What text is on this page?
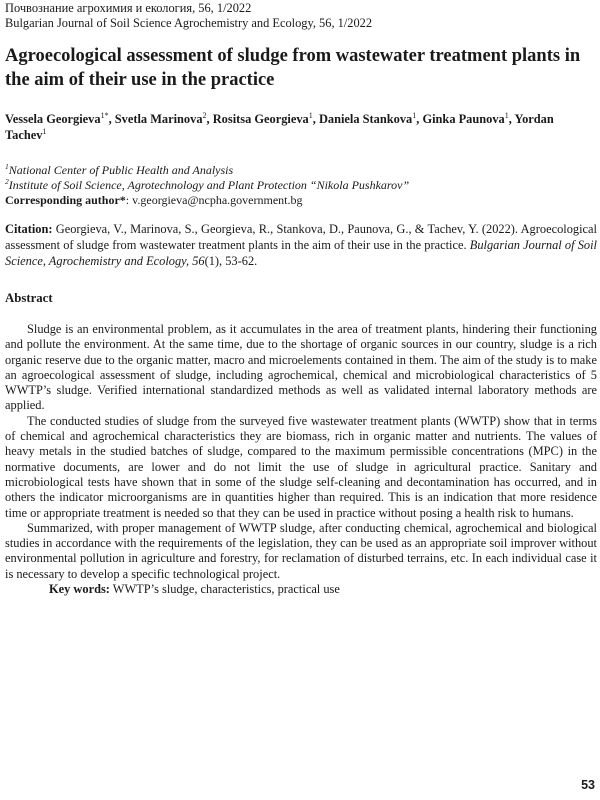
Почвознание агрохимия и екология, 56, 1/2022
Bulgarian Journal of Soil Science Agrochemistry and Ecology, 56, 1/2022
Agroecological assessment of sludge from wastewater treatment plants in the aim of their use in the practice
Vessela Georgieva$^{1*}$, Svetla Marinova$^2$, Rositsa Georgieva$^1$, Daniela Stankova$^1$, Ginka Paunova$^1$, Yordan Tachev$^1$
$^1$National Center of Public Health and Analysis
$^2$Institute of Soil Science, Agrotechnology and Plant Protection “Nikola Pushkarov”
Corresponding author*: v.georgieva@ncpha.government.bg
Citation: Georgieva, V., Marinova, S., Georgieva, R., Stankova, D., Paunova, G., & Tachev, Y. (2022). Agroecological assessment of sludge from wastewater treatment plants in the aim of their use in the practice. Bulgarian Journal of Soil Science, Agrochemistry and Ecology, 56(1), 53-62.
Abstract

Sludge is an environmental problem, as it accumulates in the area of treatment plants, hindering their functioning and pollute the environment. At the same time, due to the shortage of organic sources in our country, sludge is a rich organic reserve due to the organic matter, macro and microelements contained in them. The aim of the study is to make an agroecological assessment of sludge, including agrochemical, chemical and microbiological characteristics of 5 WWTP’s sludge. Verified international standardized methods as well as validated internal laboratory methods are applied.

The conducted studies of sludge from the surveyed five wastewater treatment plants (WWTP) show that in terms of chemical and agrochemical characteristics they are biomass, rich in organic matter and nutrients. The values of heavy metals in the studied batches of sludge, compared to the maximum permissible concentrations (MPC) in the normative documents, are lower and do not limit the use of sludge in agricultural practice. Sanitary and microbiological tests have shown that in some of the sludge self-cleaning and decontamination has occurred, and in others the indicator microorganisms are in quantities higher than required. This is an indication that more residence time or appropriate treatment is needed so that they can be used in practice without posing a health risk to humans.

Summarized, with proper management of WWTP sludge, after conducting chemical, agrochemical and biological studies in accordance with the requirements of the legislation, they can be used as an appropriate soil improver without environmental pollution in agriculture and forestry, for reclamation of disturbed terrains, etc. In each individual case it is necessary to develop a specific technological project.

Key words: WWTP’s sludge, characteristics, practical use

53
